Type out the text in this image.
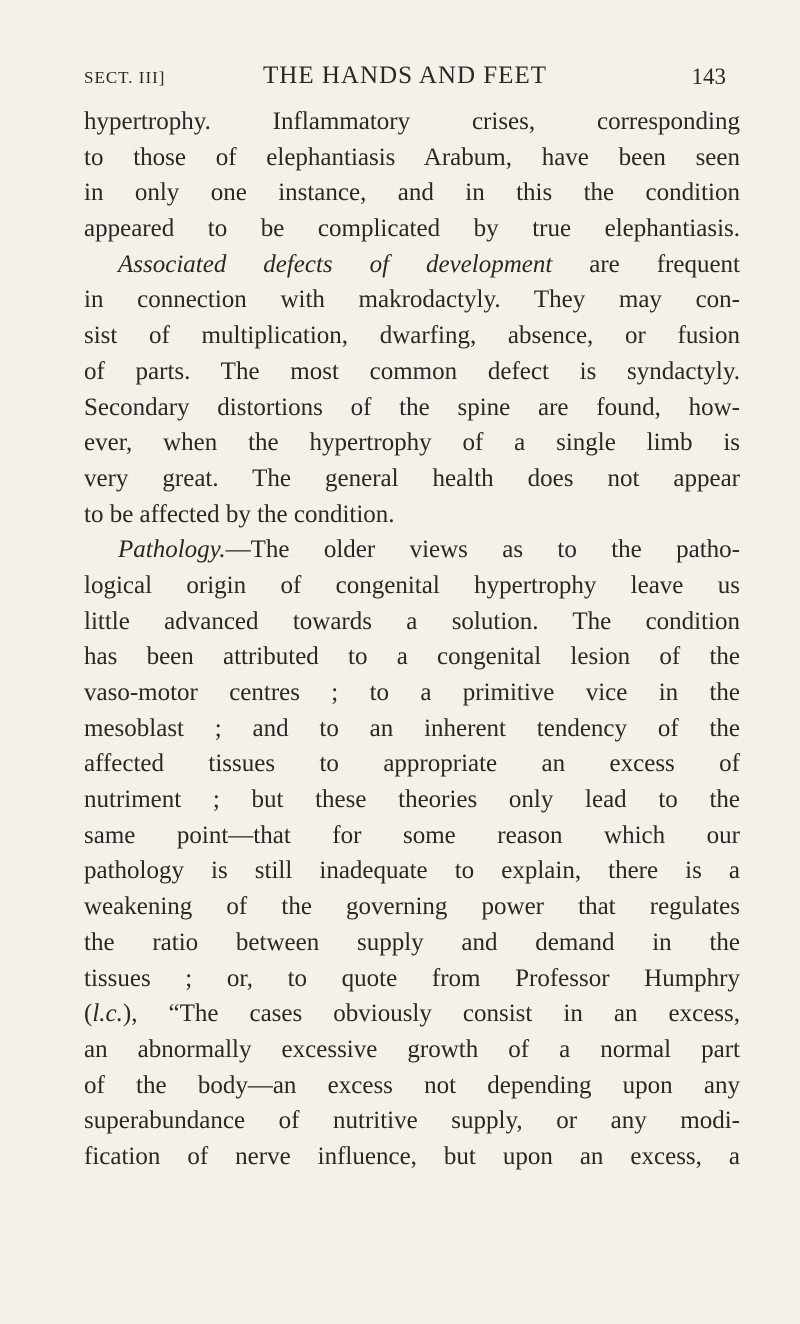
SECT. III]	THE HANDS AND FEET	143
hypertrophy. Inflammatory crises, corresponding
to those of elephantiasis Arabum, have been seen
in only one instance, and in this the condition
appeared to be complicated by true elephantiasis.
Associated defects of development are frequent
in connection with makrodactyly. They may con-
sist of multiplication, dwarfing, absence, or fusion
of parts. The most common defect is syndactyly.
Secondary distortions of the spine are found, how-
ever, when the hypertrophy of a single limb is
very great. The general health does not appear
to be affected by the condition.
Pathology.—The older views as to the patho-
logical origin of congenital hypertrophy leave us
little advanced towards a solution. The condition
has been attributed to a congenital lesion of the
vaso-motor centres ; to a primitive vice in the
mesoblast ; and to an inherent tendency of the
affected tissues to appropriate an excess of
nutriment ; but these theories only lead to the
same point—that for some reason which our
pathology is still inadequate to explain, there is a
weakening of the governing power that regulates
the ratio between supply and demand in the
tissues ; or, to quote from Professor Humphry
(l.c.), “The cases obviously consist in an excess,
an abnormally excessive growth of a normal part
of the body—an excess not depending upon any
superabundance of nutritive supply, or any modi-
fication of nerve influence, but upon an excess, a
